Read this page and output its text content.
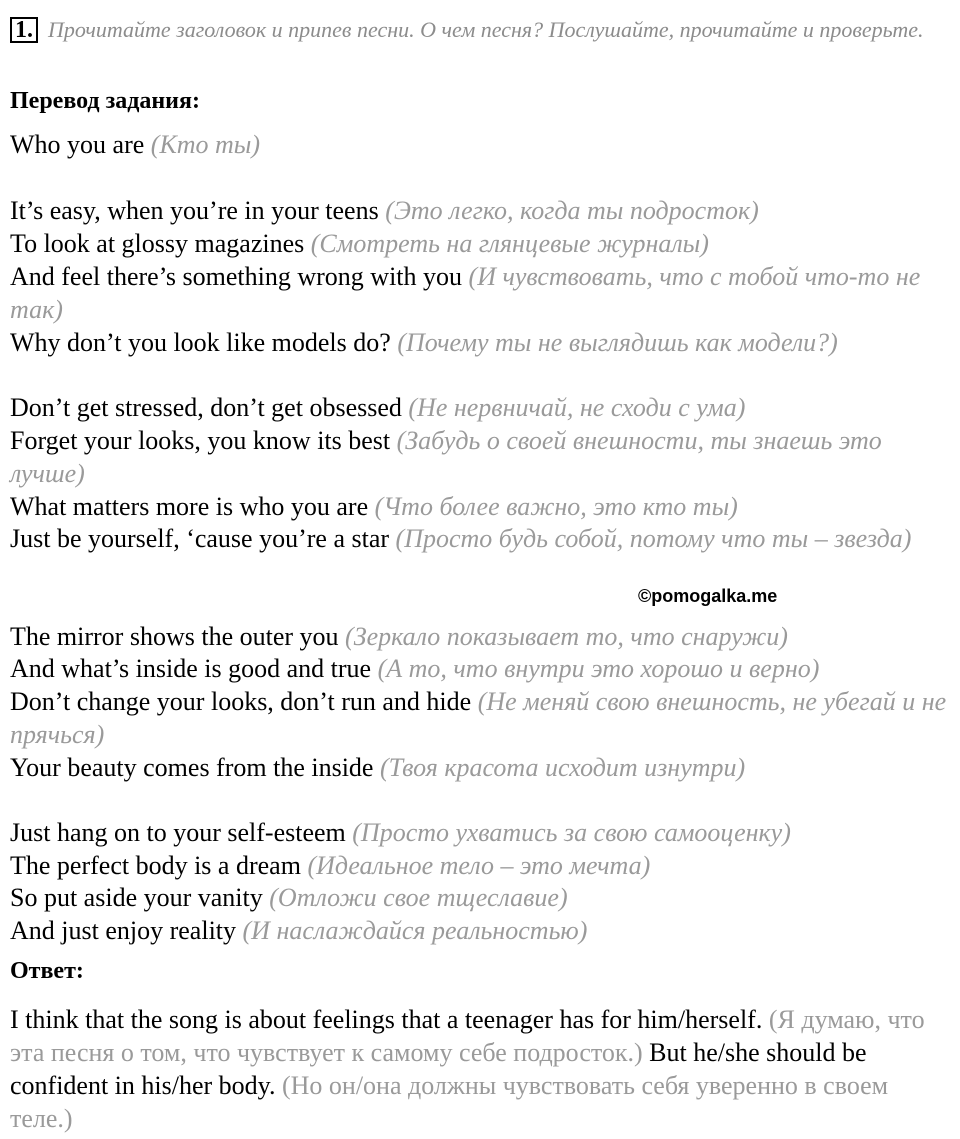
1. Прочитайте заголовок и припев песни. О чем песня? Послушайте, прочитайте и проверьте.
Перевод задания:
Who you are (Кто ты)
It’s easy, when you’re in your teens (Это легко, когда ты подросток)
To look at glossy magazines (Смотреть на глянцевые журналы)
And feel there’s something wrong with you (И чувствовать, что с тобой что-то не так)
Why don’t you look like models do? (Почему ты не выглядишь как модели?)
Don’t get stressed, don’t get obsessed (Не нервничай, не сходи с ума)
Forget your looks, you know its best (Забудь о своей внешности, ты знаешь это лучше)
What matters more is who you are (Что более важно, это кто ты)
Just be yourself, ‘cause you’re a star (Просто будь собой, потому что ты – звезда)
©pomogalka.me
The mirror shows the outer you (Зеркало показывает то, что снаружи)
And what’s inside is good and true (А то, что внутри это хорошо и верно)
Don’t change your looks, don’t run and hide (Не меняй свою внешность, не убегай и не прячься)
Your beauty comes from the inside (Твоя красота исходит изнутри)
Just hang on to your self-esteem (Просто ухватись за свою самооценку)
The perfect body is a dream (Идеальное тело – это мечта)
So put aside your vanity (Отложи свое тщеславие)
And just enjoy reality (И наслаждайся реальностью)
Ответ:
I think that the song is about feelings that a teenager has for him/herself. (Я думаю, что эта песня о том, что чувствует к самому себе подросток.) But he/she should be confident in his/her body. (Но он/она должны чувствовать себя уверенно в своем теле.)
